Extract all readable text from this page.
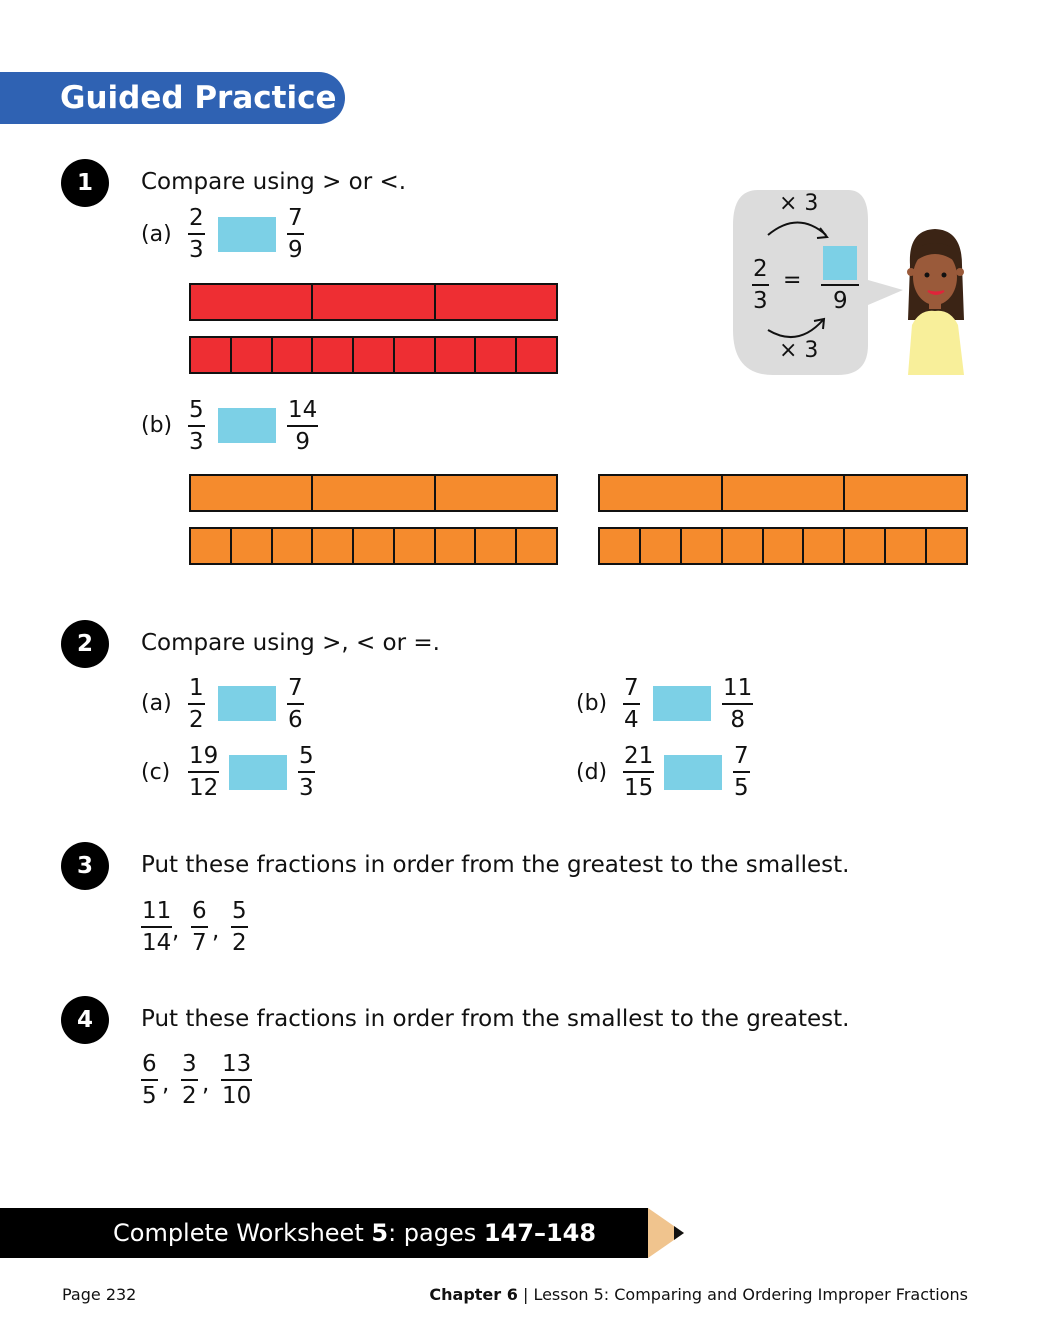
Guided Practice
1	Compare using > or <.
(a)
2
3
7
9
× 3
× 3
2
3
=
9
(b)
5
3
14
9
2	Compare using >, < or =.
(a)
1
2
7
6
(b)
7
4
11
8
(c)
19
12
5
3
(d)
21
15
7
5
3	Put these fractions in order from the greatest to the smallest.
11
14 ,
6
7 ,
5
2
4	Put these fractions in order from the smallest to the greatest.
6
5 ,
3
2 ,
13
10
Complete Worksheet 5: pages 147–148
Page 232	Chapter 6 | Lesson 5: Comparing and Ordering Improper Fractions
